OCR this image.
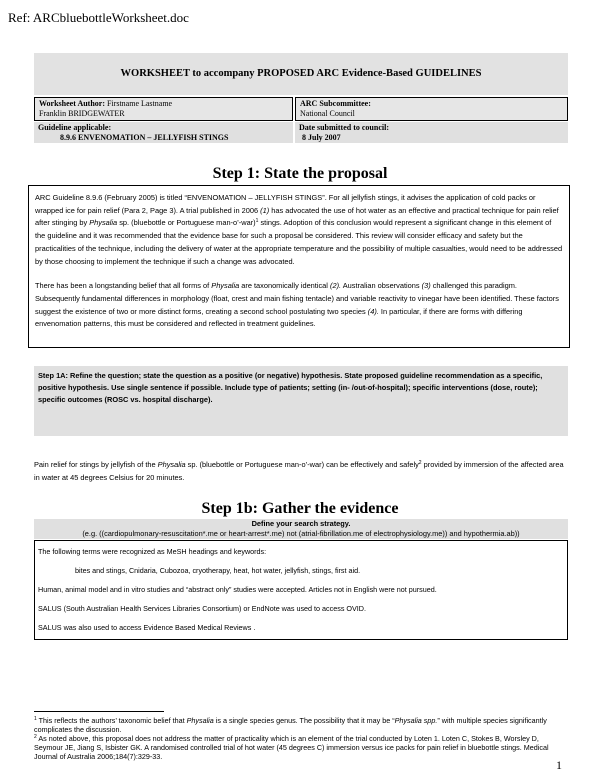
Ref: ARCbluebottleWorksheet.doc
WORKSHEET to accompany PROPOSED ARC Evidence-Based GUIDELINES
Worksheet Author: Firstname Lastname
Franklin BRIDGEWATER
ARC Subcommittee:
National Council
Guideline applicable:
8.9.6 ENVENOMATION – JELLYFISH STINGS
Date submitted to council:
8 July 2007
Step 1: State the proposal

ARC Guideline 8.9.6 (February 2005) is titled “ENVENOMATION – JELLYFISH STINGS”. For all jellyfish stings, it advises the application of cold packs or wrapped ice for pain relief (Para 2, Page 3). A trial published in 2006 (1) has advocated the use of hot water as an effective and practical technique for pain relief after stinging by Physalia sp. (bluebottle or Portuguese man-o’-war)$^1$ stings. Adoption of this conclusion would represent a significant change in this element of the guideline and it was recommended that the evidence base for such a proposal be considered. This review will consider efficacy and safety but the practicalities of the technique, including the delivery of water at the appropriate temperature and the possibility of multiple casualties, would need to be addressed by those choosing to implement the technique if such a change was advocated.

There has been a longstanding belief that all forms of Physalia are taxonomically identical (2). Australian observations (3) challenged this paradigm. Subsequently fundamental differences in morphology (float, crest and main fishing tentacle) and variable reactivity to vinegar have been identified. These factors suggest the existence of two or more distinct forms, creating a second school postulating two species (4). In particular, if there are forms with differing envenomation patterns, this must be considered and reflected in treatment guidelines.

Step 1A: Refine the question; state the question as a positive (or negative) hypothesis. State proposed guideline recommendation as a specific, positive hypothesis. Use single sentence if possible. Include type of patients; setting (in- /out-of-hospital); specific interventions (dose, route); specific outcomes (ROSC vs. hospital discharge).
Pain relief for stings by jellyfish of the Physalia sp. (bluebottle or Portuguese man-o’-war) can be effectively and safely$^2$ provided by immersion of the affected area in water at 45 degrees Celsius for 20 minutes.
Step 1b: Gather the evidence
Define your search strategy.
(e.g. ((cardiopulmonary-resuscitation*.me or heart-arrest*.me) not (atrial-fibrillation.me of electrophysiology.me)) and hypothermia.ab))

The following terms were recognized as MeSH headings and keywords:

bites and stings, Cnidaria, Cubozoa, cryotherapy, heat, hot water, jellyfish, stings, first aid.

Human, animal model and in vitro studies and “abstract only” studies were accepted. Articles not in English were not pursued.

SALUS (South Australian Health Services Libraries Consortium) or EndNote was used to access OVID.

SALUS was also used to access Evidence Based Medical Reviews .

$^1$ This reflects the authors’ taxonomic belief that Physalia is a single species genus. The possibility that it may be “Physalia spp.” with multiple species significantly complicates the discussion.
$^2$ As noted above, this proposal does not address the matter of practicality which is an element of the trial conducted by Loten 1. Loten C, Stokes B, Worsley D, Seymour JE, Jiang S, Isbister GK. A randomised controlled trial of hot water (45 degrees C) immersion versus ice packs for pain relief in bluebottle stings. Medical Journal of Australia 2006;184(7):329-33.
1
